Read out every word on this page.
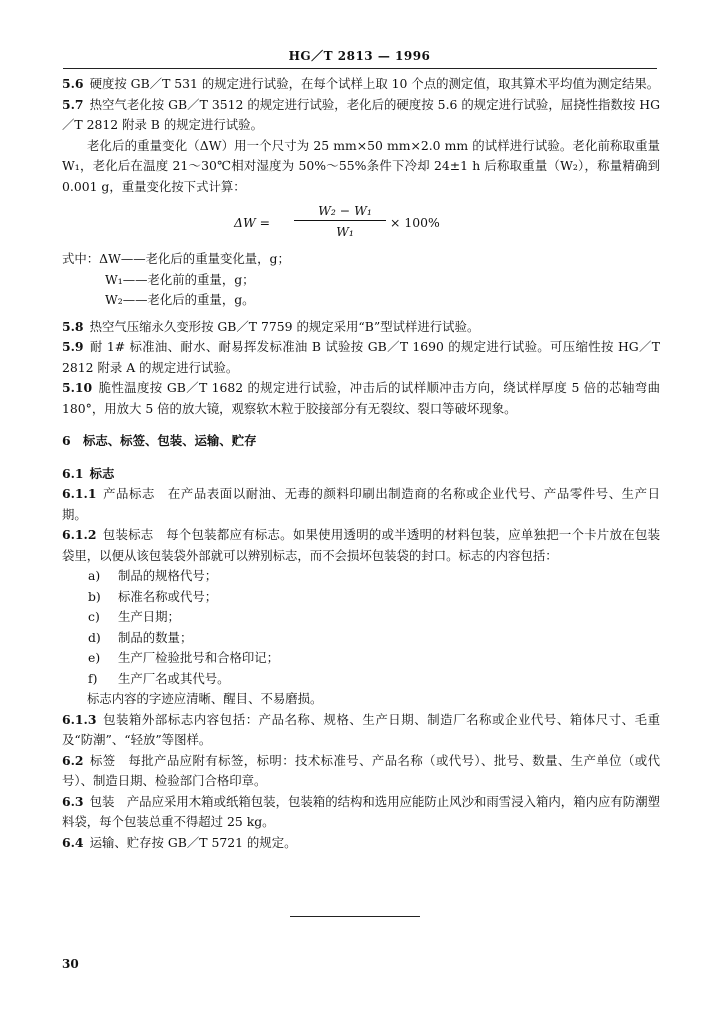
HG／T 2813 — 1996

5.6 硬度按 GB／T 531 的规定进行试验，在每个试样上取 10 个点的测定值，取其算术平均值为测定结果。

5.7 热空气老化按 GB／T 3512 的规定进行试验，老化后的硬度按 5.6 的规定进行试验，屈挠性指数按 HG／T 2812 附录 B 的规定进行试验。

老化后的重量变化（ΔW）用一个尺寸为 25 mm×50 mm×2.0 mm 的试样进行试验。老化前称取重量 W₁，老化后在温度 21～30℃相对湿度为 50%～55%条件下冷却 24±1 h 后称取重量（W₂），称量精确到 0.001 g，重量变化按下式计算：

ΔW =
W₂ − W₁
W₁
× 100%

式中：ΔW——老化后的重量变化量，g；

W₁——老化前的重量，g；

W₂——老化后的重量，g。

5.8 热空气压缩永久变形按 GB／T 7759 的规定采用“B”型试样进行试验。

5.9 耐 1# 标准油、耐水、耐易挥发标准油 B 试验按 GB／T 1690 的规定进行试验。可压缩性按 HG／T 2812 附录 A 的规定进行试验。

5.10 脆性温度按 GB／T 1682 的规定进行试验，冲击后的试样顺冲击方向，绕试样厚度 5 倍的芯轴弯曲 180°，用放大 5 倍的放大镜，观察软木粒于胶接部分有无裂纹、裂口等破坏现象。

6　标志、标签、包装、运输、贮存

6.1 标志

6.1.1 产品标志　在产品表面以耐油、无毒的颜料印刷出制造商的名称或企业代号、产品零件号、生产日期。

6.1.2 包装标志　每个包装都应有标志。如果使用透明的或半透明的材料包装，应单独把一个卡片放在包装袋里，以便从该包装袋外部就可以辨别标志，而不会损坏包装袋的封口。标志的内容包括：

a) 制品的规格代号；

b) 标准名称或代号；

c) 生产日期；

d) 制品的数量；

e) 生产厂检验批号和合格印记；

f) 生产厂名或其代号。

标志内容的字迹应清晰、醒目、不易磨损。

6.1.3 包装箱外部标志内容包括：产品名称、规格、生产日期、制造厂名称或企业代号、箱体尺寸、毛重及“防潮”、“轻放”等图样。

6.2 标签　每批产品应附有标签，标明：技术标准号、产品名称（或代号）、批号、数量、生产单位（或代号）、制造日期、检验部门合格印章。

6.3 包装　产品应采用木箱或纸箱包装，包装箱的结构和选用应能防止风沙和雨雪浸入箱内，箱内应有防潮塑料袋，每个包装总重不得超过 25 kg。

6.4 运输、贮存按 GB／T 5721 的规定。

30
